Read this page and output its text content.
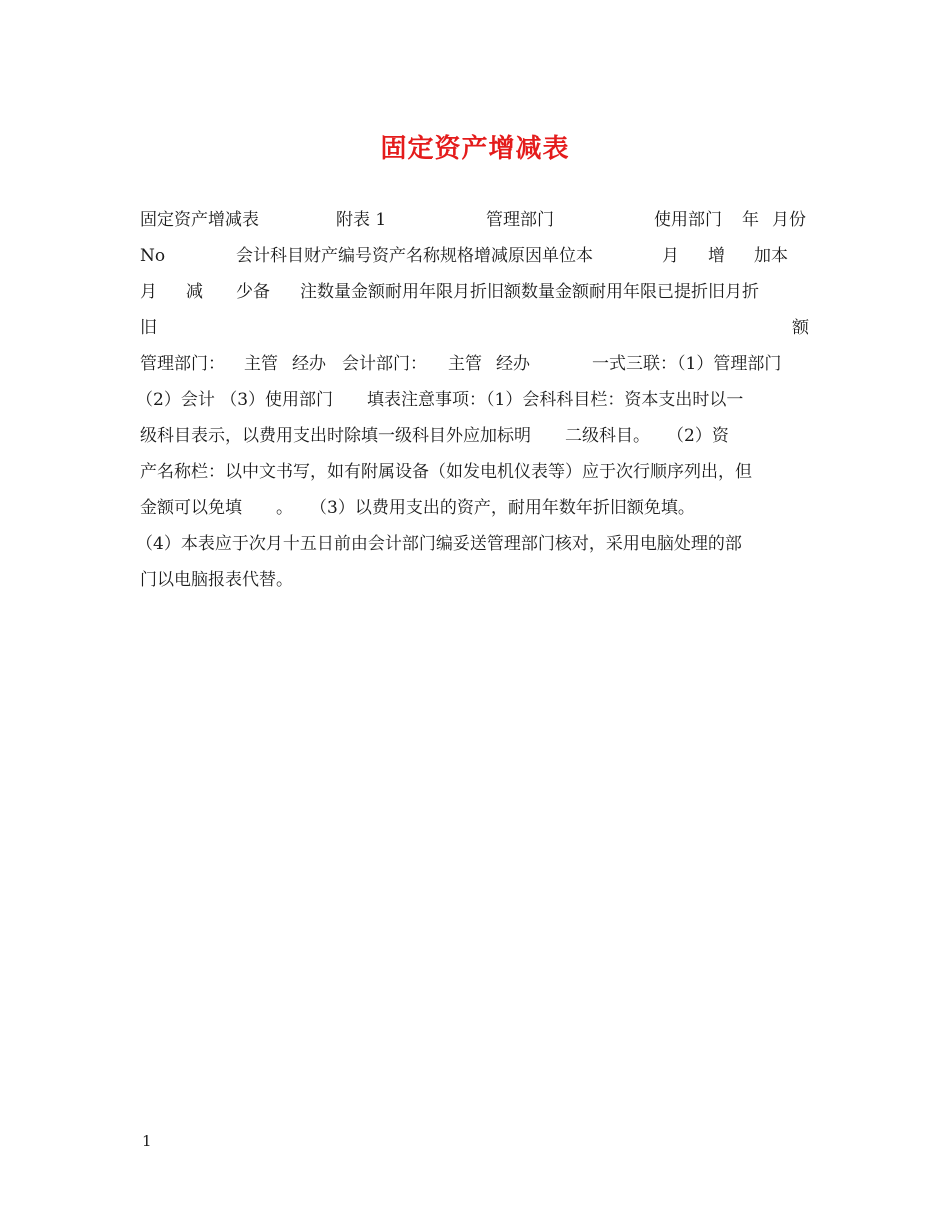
固定资产增减表
固定资产增减表	附表 1	管理部门	使用部门 年 月份
No	会计科目财产编号资产名称规格增减原因单位本	月 增 加本
月 减 少备 注数量金额耐用年限月折旧额数量金额耐用年限已提折旧月折
旧	额
管理部门： 主管 经办 会计部门： 主管 经办	一式三联：（1）管理部门
（2）会计 （3）使用部门　　填表注意事项：（1）会科科目栏：资本支出时以一
级科目表示，以费用支出时除填一级科目外应加标明　　二级科目。　　（2）资
产名称栏：以中文书写，如有附属设备（如发电机仪表等）应于次行顺序列出，但
金额可以免填　　。　　（3）以费用支出的资产，耐用年数年折旧额免填。
（4）本表应于次月十五日前由会计部门编妥送管理部门核对，采用电脑处理的部
门以电脑报表代替。
1
